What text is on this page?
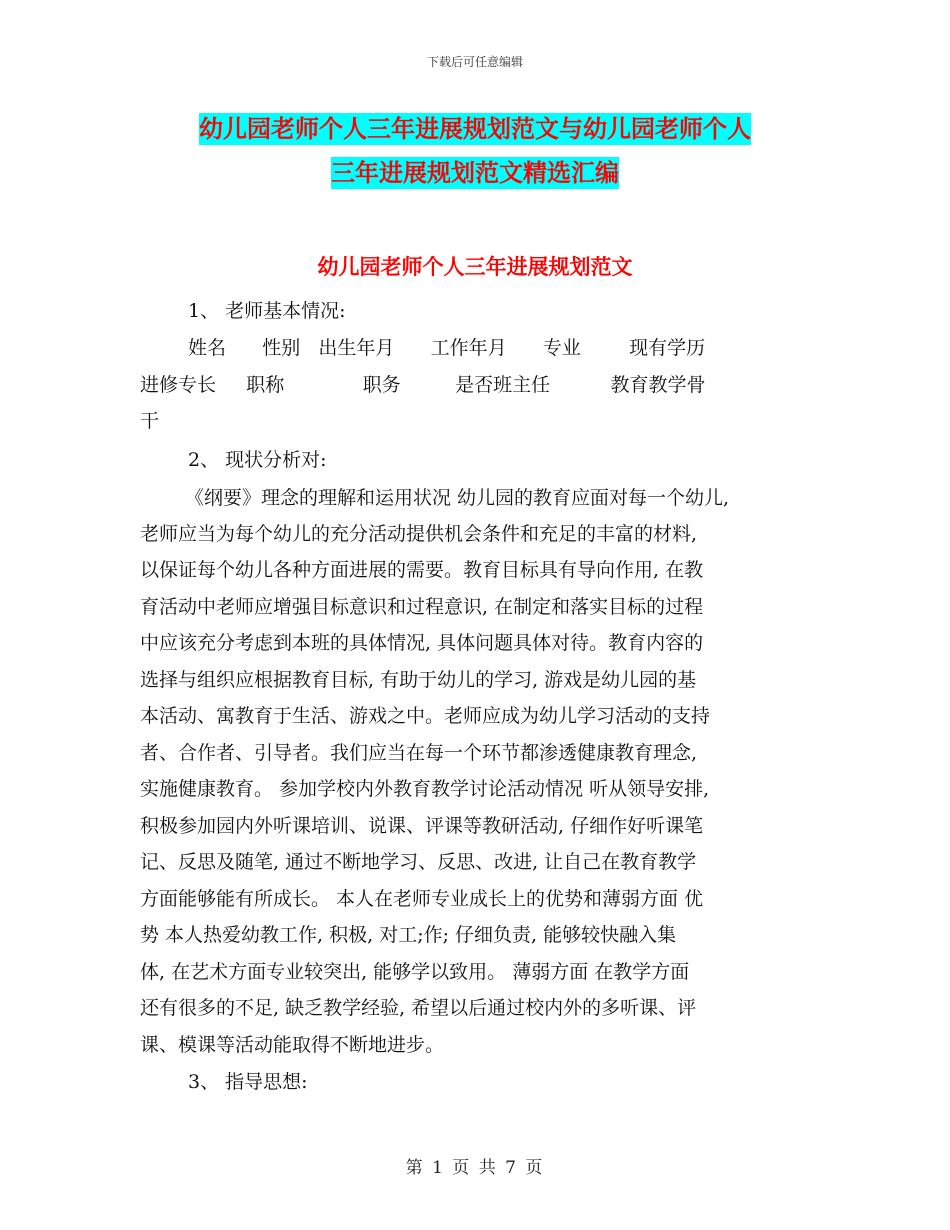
下载后可任意编辑
幼儿园老师个人三年进展规划范文与幼儿园老师个人
三年进展规划范文精选汇编
幼儿园老师个人三年进展规划范文
1、 老师基本情况:
姓名      性别   出生年月      工作年月      专业        现有学历
进修专长     职称             职务         是否班主任          教育教学骨
干
2、 现状分析对:
《纲要》理念的理解和运用状况 幼儿园的教育应面对每一个幼儿,
老师应当为每个幼儿的充分活动提供机会条件和充足的丰富的材料,
以保证每个幼儿各种方面进展的需要。教育目标具有导向作用, 在教
育活动中老师应增强目标意识和过程意识, 在制定和落实目标的过程
中应该充分考虑到本班的具体情况, 具体问题具体对待。教育内容的
选择与组织应根据教育目标, 有助于幼儿的学习, 游戏是幼儿园的基
本活动、寓教育于生活、游戏之中。老师应成为幼儿学习活动的支持
者、合作者、引导者。我们应当在每一个环节都渗透健康教育理念,
实施健康教育。 参加学校内外教育教学讨论活动情况 听从领导安排,
积极参加园内外听课培训、说课、评课等教研活动, 仔细作好听课笔
记、反思及随笔, 通过不断地学习、反思、改进, 让自己在教育教学
方面能够能有所成长。 本人在老师专业成长上的优势和薄弱方面 优
势 本人热爱幼教工作, 积极, 对工;作; 仔细负责, 能够较快融入集
体, 在艺术方面专业较突出, 能够学以致用。 薄弱方面 在教学方面
还有很多的不足, 缺乏教学经验, 希望以后通过校内外的多听课、评
课、模课等活动能取得不断地进步。
3、 指导思想:
第 1 页 共 7 页
